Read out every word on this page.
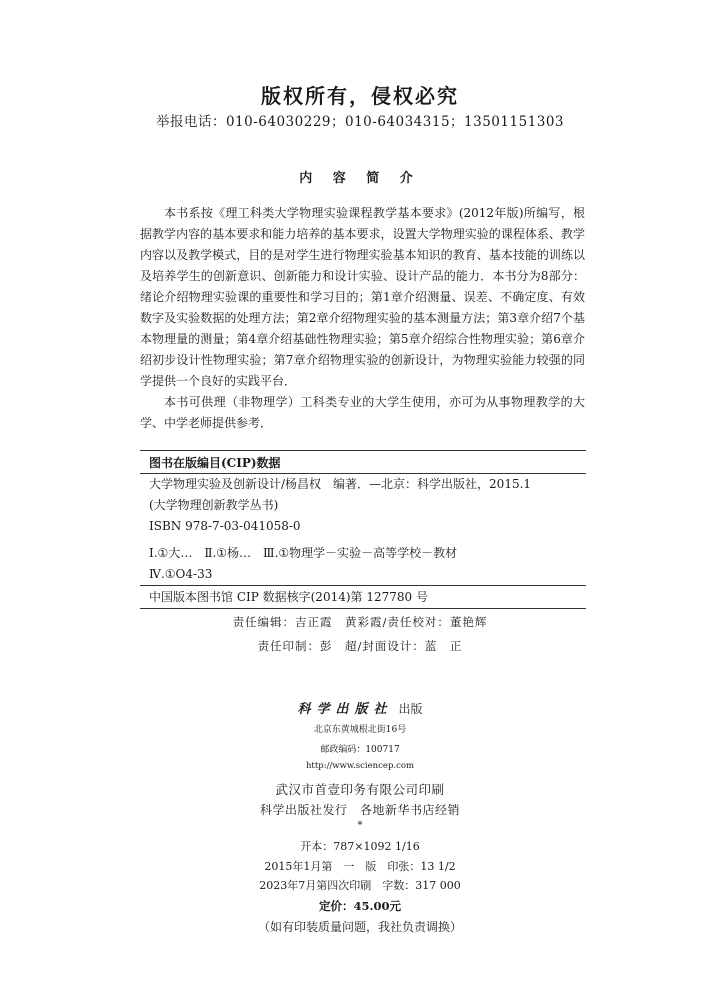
版权所有，侵权必究
举报电话：010-64030229；010-64034315；13501151303
内 容 简 介

本书系按《理工科类大学物理实验课程教学基本要求》(2012年版)所编写，根据教学内容的基本要求和能力培养的基本要求，设置大学物理实验的课程体系、教学内容以及教学模式，目的是对学生进行物理实验基本知识的教育、基本技能的训练以及培养学生的创新意识、创新能力和设计实验、设计产品的能力．本书分为8部分：绪论介绍物理实验课的重要性和学习目的；第1章介绍测量、误差、不确定度、有效数字及实验数据的处理方法；第2章介绍物理实验的基本测量方法；第3章介绍7个基本物理量的测量；第4章介绍基础性物理实验；第5章介绍综合性物理实验；第6章介绍初步设计性物理实验；第7章介绍物理实验的创新设计，为物理实验能力较强的同学提供一个良好的实践平台．

本书可供理（非物理学）工科类专业的大学生使用，亦可为从事物理教学的大学、中学老师提供参考．

图书在版编目(CIP)数据
大学物理实验及创新设计/杨昌权　编著．—北京：科学出版社，2015.1
(大学物理创新教学丛书)
ISBN 978-7-03-041058-0
Ⅰ.①大…　Ⅱ.①杨…　Ⅲ.①物理学－实验－高等学校－教材
Ⅳ.①O4-33
中国版本图书馆 CIP 数据核字(2014)第 127780 号
责任编辑：吉正霞　黄彩霞/责任校对：董艳辉
责任印制：彭　超/封面设计：蓝　正
科学出版社 出版
北京东黄城根北街16号
邮政编码：100717
http://www.sciencep.com
武汉市首壹印务有限公司印刷
科学出版社发行　各地新华书店经销
*
开本：787×1092 1/16
2015年1月第　一　版　印张：13 1/2
2023年7月第四次印刷　字数：317 000
定价：45.00元
（如有印装质量问题，我社负责调换）
